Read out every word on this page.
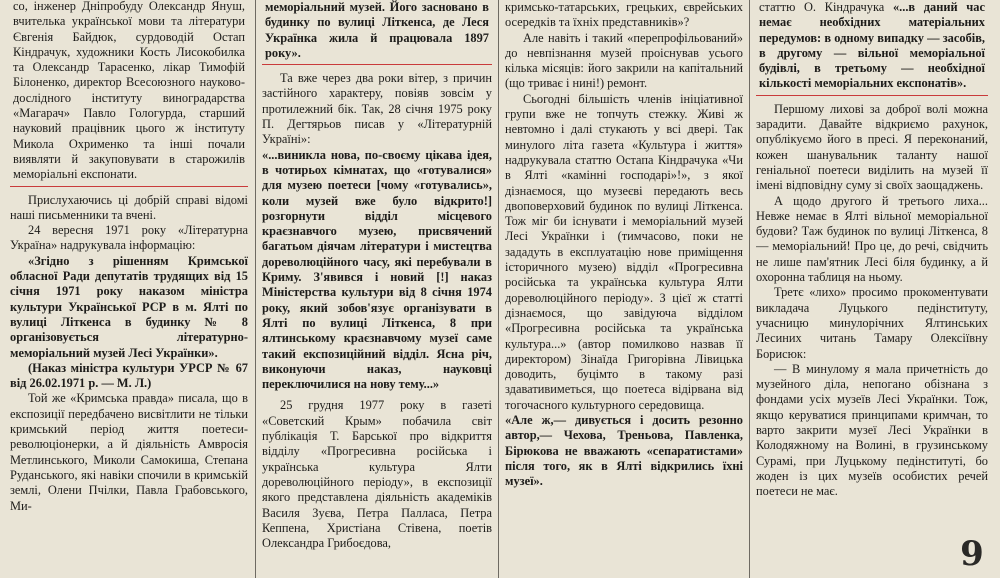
со, інженер Дніпробуду Олександр Януш, вчителька української мови та літератури Євгенія Байдюк, сурдоводій Остап Кіндрачук, художники Кость Лисокобилка та Олександр Тарасенко, лікар Тимофій Білоненко, директор Всесоюзного науково-дослідного інституту виноградарства «Магарач» Павло Гологурда, старший науковий працівник цього ж інституту Микола Охрименко та інші почали виявляти й закуповувати в старожилів меморіальні експонати.

Прислухаючись ці добрій справі відомі наші письменники та вчені.

24 вересня 1971 року «Літературна Україна» надрукувала інформацію:

«Згідно з рішенням Кримської обласної Ради депутатів трудящих від 15 січня 1971 року наказом міністра культури Української РСР в м. Ялті по вулиці Літкенса в будинку № 8 організовується літературно-меморіальний музей Лесі Українки».

(Наказ міністра культури УРСР № 67 від 26.02.1971 р. — М. Л.)

Той же «Кримська правда» писала, що в експозиції передбачено висвітлити не тільки кримський період життя поетеси-революціонерки, а й діяльність Амвросія Метлинського, Миколи Самокиша, Степана Руданського, які навіки спочили в кримській землі, Олени Пчілки, Павла Грабовського, Ми-

меморіальний музей. Його засновано в будинку по вулиці Літкенса, де Леся Українка жила й працювала 1897 року».

Та вже через два роки вітер, з причин застійного характеру, повіяв зовсім у протилежний бік. Так, 28 січня 1975 року П. Дегтярьов писав у «Літературній Україні»:

«...виникла нова, по-своєму цікава ідея, в чотирьох кімнатах, що «готувалися» для музею поетеси [чому «готувались», коли музей вже було відкрито!] розгорнути відділ місцевого краєзнавчого музею, присвячений багатьом діячам літератури і мистецтва дореволюційного часу, які перебували в Криму. З'явився і новий [!] наказ Міністерства культури від 8 січня 1974 року, який зобов'язує організувати в Ялті по вулиці Літкенса, 8 при ялтинському краєзнавчому музеї саме такий експозиційний відділ. Ясна річ, виконуючи наказ, науковці переключилися на нову тему...»

25 грудня 1977 року в газеті «Советский Крым» побачила світ публікація Т. Барської про відкриття відділу «Прогресивна російська і українська культура Ялти дореволюційного періоду», в експозиції якого представлена діяльність академіків Василя Зуєва, Петра Палласа, Петра Кеппена, Христіана Стівена, поетів Олександра Грибоєдова,

кримсько-татарських, грецьких, єврейських осередків та їхніх представників»?

Але навіть і такий «перепрофільований» до невпізнання музей проіснував усього кілька місяців: його закрили на капітальний (що триває і нині!) ремонт.

Сьогодні більшість членів ініціативної групи вже не топчуть стежку. Живі ж невтомно і далі стукають у всі двері. Так минулого літа газета «Культура і життя» надрукувала статтю Остапа Кіндрачука «Чи в Ялті «камінні господарі»!», з якої дізнаємося, що музеєві передають весь двоповерховий будинок по вулиці Літкенса. Тож міг би існувати і меморіальний музей Лесі Українки і (тимчасово, поки не зададуть в експлуатацію нове приміщення історичного музею) відділ «Прогресивна російська та українська культура Ялти дореволюційного періоду». З цієї ж статті дізнаємося, що завідуюча відділом «Прогресивна російська та українська культура...» (автор помилково назвав її директором) Зінаїда Григорівна Лівицька доводить, буцімто в такому разі здавативиметься, що поетеса відірвана від тогочасного культурного середовища.

«Але ж,— дивується і досить резонно автор,— Чехова, Треньова, Павленка, Бірюкова не вважають «сепаратистами» після того, як в Ялті відкрились їхні музеї».

статтю О. Кіндрачука «...в даний час немає необхідних матеріальних передумов: в одному випадку — засобів, в другому — вільної меморіальної будівлі, в третьому — необхідної кількості меморіальних експонатів».

Першому лихові за доброї волі можна зарадити. Давайте відкриємо рахунок, опублікуємо його в пресі. Я переконаний, кожен шанувальник таланту нашої геніальної поетеси виділить на музей її імені відповідну суму зі своїх заощаджень.

А щодо другого й третього лиха... Невже немає в Ялті вільної меморіальної будови? Таж будинок по вулиці Літкенса, 8 — меморіальний! Про це, до речі, свідчить не лише пам'ятник Лесі біля будинку, а й охоронна таблиця на ньому.

Третє «лихо» просимо прокоментувати викладача Луцького педінституту, учасницю минулорічних Ялтинських Лесиних читань Тамару Олексіївну Борисюк:

— В минулому я мала причетність до музейного діла, непогано обізнана з фондами усіх музеїв Лесі Українки. Тож, якщо керуватися принципами кримчан, то варто закрити музеї Лесі Українки в Колодяжному на Волині, в грузинському Сурамі, при Луцькому педінституті, бо жоден із цих музеїв особистих речей поетеси не має.

9
